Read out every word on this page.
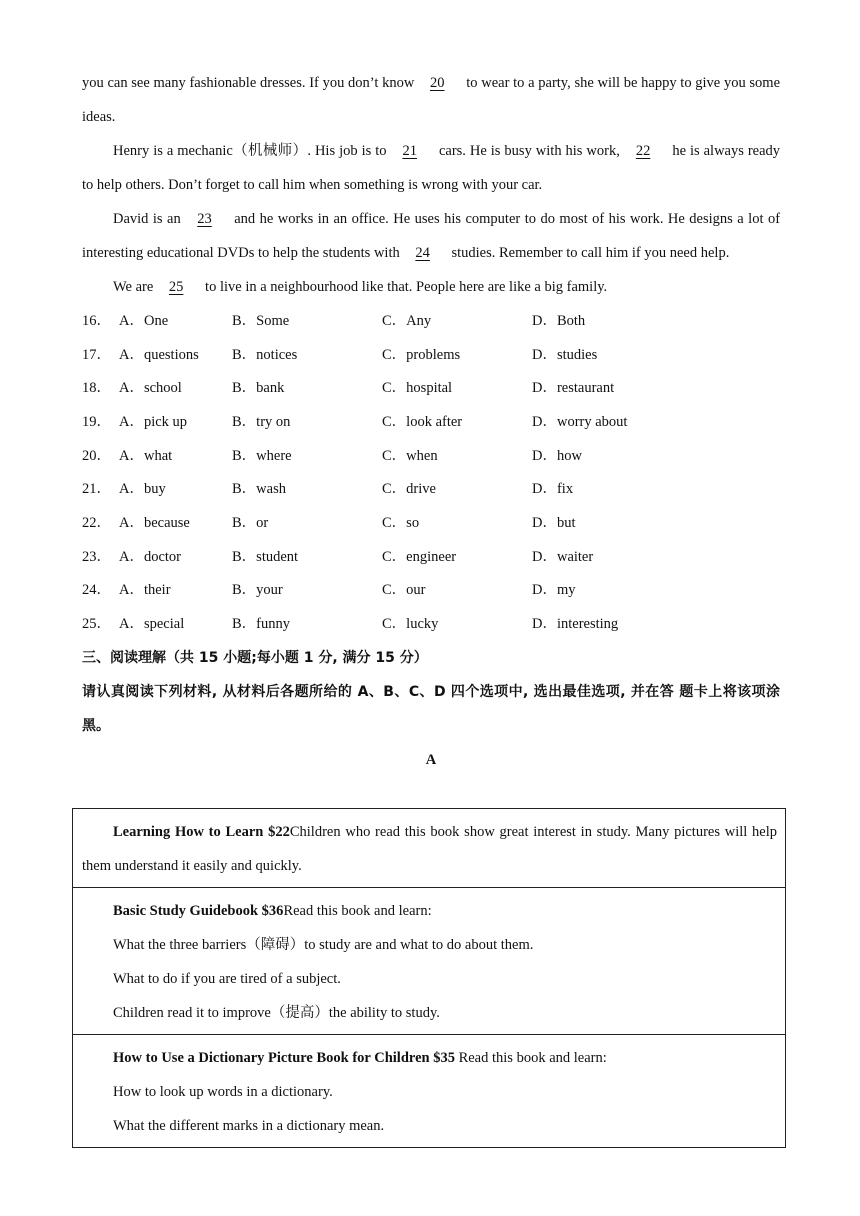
you can see many fashionable dresses. If you don’t know 20 to wear to a party, she will be happy to give you some ideas.

Henry is a mechanic（机械师）. His job is to 21 cars. He is busy with his work, 22 he is always ready to help others. Don’t forget to call him when something is wrong with your car.

David is an 23 and he works in an office. He uses his computer to do most of his work. He designs a lot of interesting educational DVDs to help the students with 24 studies. Remember to call him if you need help.

We are 25 to live in a neighbourhood like that. People here are like a big family.

16． A．One	B．Some	C．Any	D．Both
17． A．questions	B．notices	C．problems	D．studies
18． A．school	B．bank	C．hospital	D．restaurant
19． A．pick up	B．try on	C．look after	D．worry about
20． A．what	B．where	C．when	D．how
21． A．buy	B．wash	C．drive	D．fix
22． A．because	B．or	C．so	D．but
23． A．doctor	B．student	C．engineer	D．waiter
24． A．their	B．your	C．our	D．my
25． A．special	B．funny	C．lucky	D．interesting

三、阅读理解（共 15 小题;每小题 1 分, 满分 15 分）

请认真阅读下列材料, 从材料后各题所给的 A、B、C、D 四个选项中, 选出最佳选项, 并在答 题卡上将该项涂黑。

A

Learning How to Learn $22Children who read this book show great interest in study. Many pictures will help them understand it easily and quickly.

Basic Study Guidebook $36Read this book and learn:
What the three barriers（障碍）to study are and what to do about them.
What to do if you are tired of a subject.
Children read it to improve（提高）the ability to study.

How to Use a Dictionary Picture Book for Children $35 Read this book and learn:
How to look up words in a dictionary.
What the different marks in a dictionary mean.
